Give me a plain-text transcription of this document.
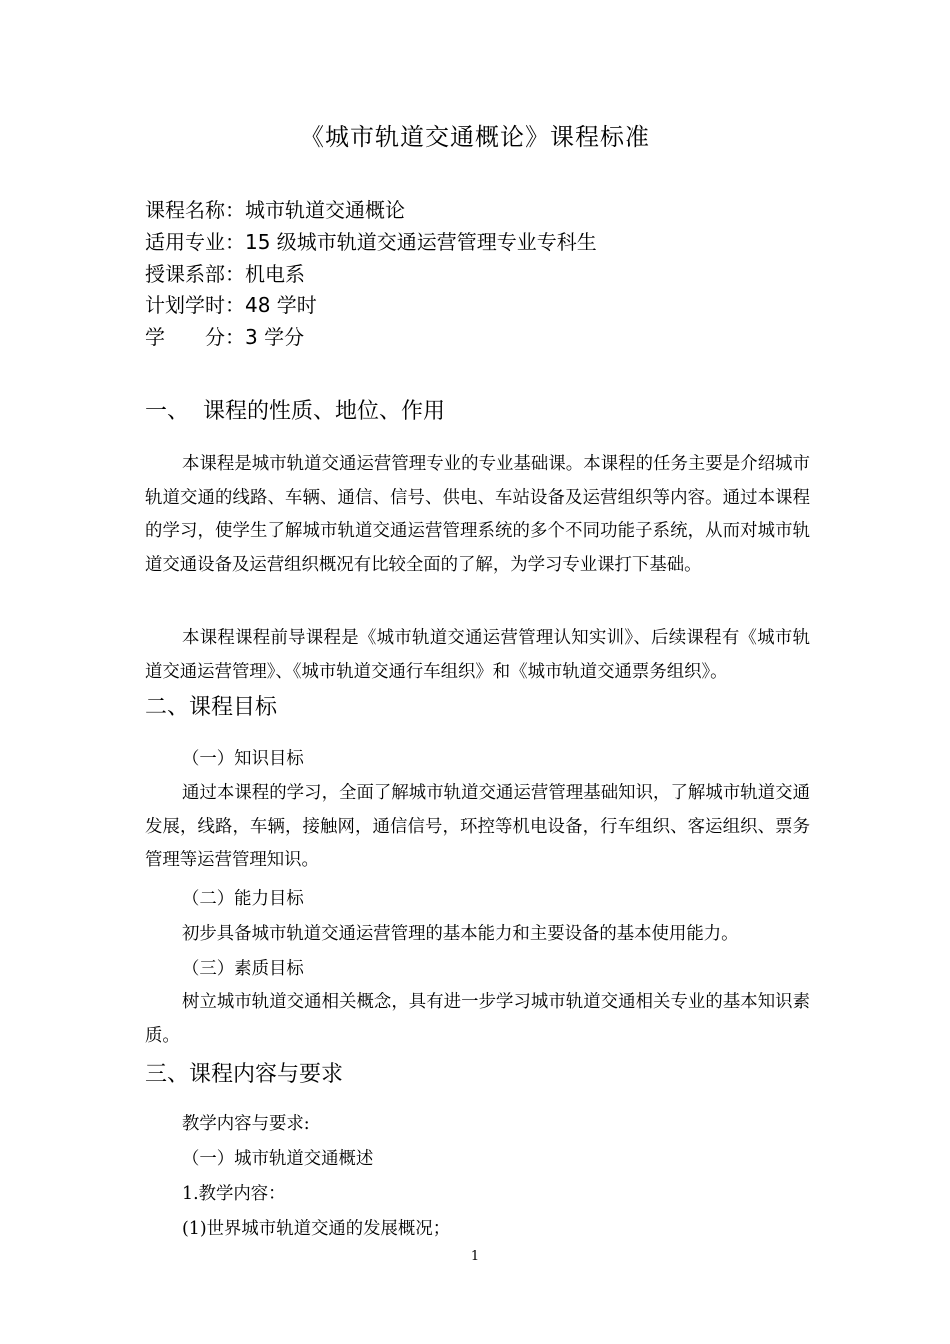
《城市轨道交通概论》课程标准
课程名称：城市轨道交通概论
适用专业：15 级城市轨道交通运营管理专业专科生
授课系部：机电系
计划学时：48 学时
学　　分：3 学分
一、  课程的性质、地位、作用
本课程是城市轨道交通运营管理专业的专业基础课。本课程的任务主要是介绍城市轨道交通的线路、车辆、通信、信号、供电、车站设备及运营组织等内容。通过本课程的学习，使学生了解城市轨道交通运营管理系统的多个不同功能子系统，从而对城市轨道交通设备及运营组织概况有比较全面的了解，为学习专业课打下基础。
本课程课程前导课程是《城市轨道交通运营管理认知实训》、后续课程有《城市轨道交通运营管理》、《城市轨道交通行车组织》和《城市轨道交通票务组织》。
二、课程目标
（一）知识目标
通过本课程的学习，全面了解城市轨道交通运营管理基础知识，了解城市轨道交通发展，线路，车辆，接触网，通信信号，环控等机电设备，行车组织、客运组织、票务管理等运营管理知识。
（二）能力目标
初步具备城市轨道交通运营管理的基本能力和主要设备的基本使用能力。
（三）素质目标
树立城市轨道交通相关概念，具有进一步学习城市轨道交通相关专业的基本知识素质。
三、课程内容与要求
教学内容与要求:
（一）城市轨道交通概述
1.教学内容：
(1)世界城市轨道交通的发展概况；
1
